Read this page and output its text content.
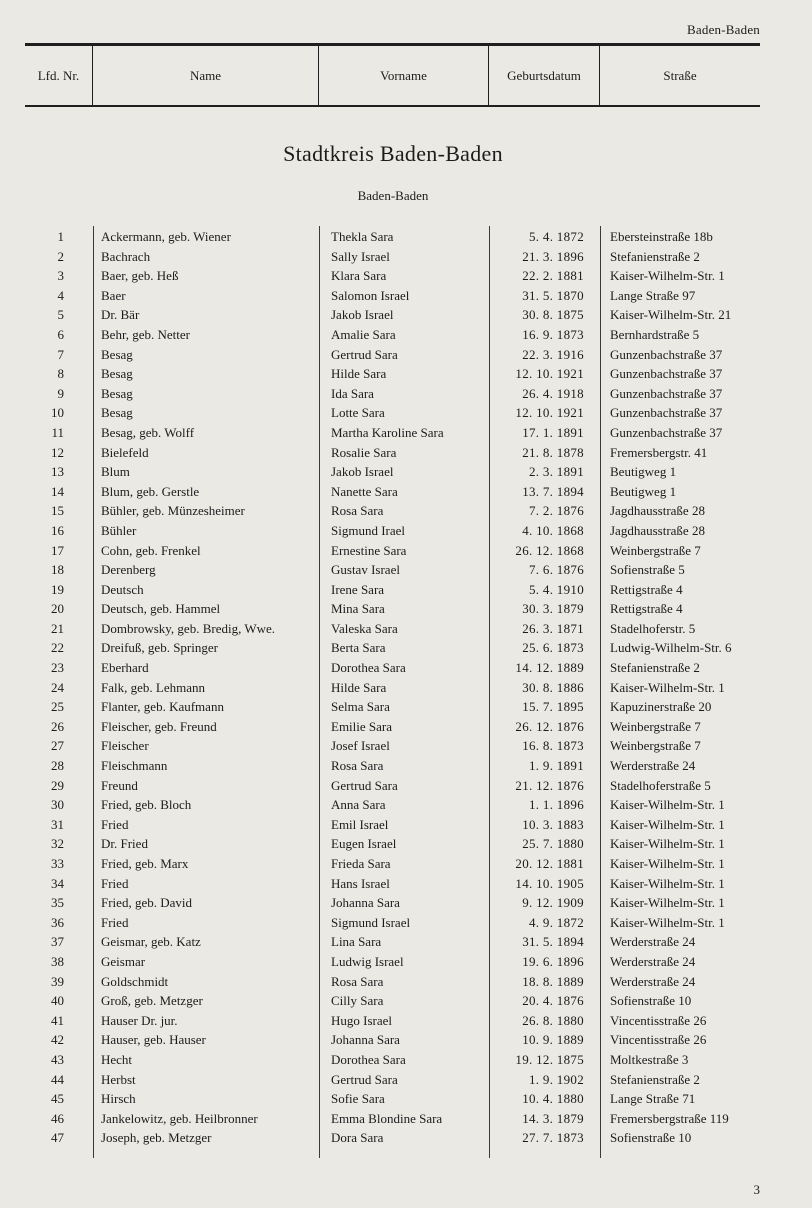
Baden-Baden
Lfd. Nr.	Name	Vorname	Geburtsdatum	Straße
Stadtkreis Baden-Baden
Baden-Baden
1	Ackermann, geb. Wiener	Thekla Sara	5. 4. 1872 Ebersteinstraße 18b
2	Bachrach	Sally Israel	21. 3. 1896 Stefanienstraße 2
3	Baer, geb. Heß	Klara Sara	22. 2. 1881 Kaiser-Wilhelm-Str. 1
4	Baer	Salomon Israel	31. 5. 1870 Lange Straße 97
5	Dr. Bär	Jakob Israel	30. 8. 1875 Kaiser-Wilhelm-Str. 21
6	Behr, geb. Netter	Amalie Sara	16. 9. 1873 Bernhardstraße 5
7	Besag	Gertrud Sara	22. 3. 1916 Gunzenbachstraße 37
8	Besag	Hilde Sara	12. 10. 1921 Gunzenbachstraße 37
9	Besag	Ida Sara	26. 4. 1918 Gunzenbachstraße 37
10	Besag	Lotte Sara	12. 10. 1921 Gunzenbachstraße 37
11	Besag, geb. Wolff	Martha Karoline Sara	17. 1. 1891 Gunzenbachstraße 37
12	Bielefeld	Rosalie Sara	21. 8. 1878 Fremersbergstr. 41
13	Blum	Jakob Israel	2. 3. 1891 Beutigweg 1
14	Blum, geb. Gerstle	Nanette Sara	13. 7. 1894 Beutigweg 1
15	Bühler, geb. Münzesheimer	Rosa Sara	7. 2. 1876 Jagdhausstraße 28
16	Bühler	Sigmund Irael	4. 10. 1868 Jagdhausstraße 28
17	Cohn, geb. Frenkel	Ernestine Sara	26. 12. 1868 Weinbergstraße 7
18	Derenberg	Gustav Israel	7. 6. 1876 Sofienstraße 5
19	Deutsch	Irene Sara	5. 4. 1910 Rettigstraße 4
20	Deutsch, geb. Hammel	Mina Sara	30. 3. 1879 Rettigstraße 4
21	Dombrowsky, geb. Bredig, Wwe.	Valeska Sara	26. 3. 1871 Stadelhoferstr. 5
22	Dreifuß, geb. Springer	Berta Sara	25. 6. 1873 Ludwig-Wilhelm-Str. 6
23	Eberhard	Dorothea Sara	14. 12. 1889 Stefanienstraße 2
24	Falk, geb. Lehmann	Hilde Sara	30. 8. 1886 Kaiser-Wilhelm-Str. 1
25	Flanter, geb. Kaufmann	Selma Sara	15. 7. 1895 Kapuzinerstraße 20
26	Fleischer, geb. Freund	Emilie Sara	26. 12. 1876 Weinbergstraße 7
27	Fleischer	Josef Israel	16. 8. 1873 Weinbergstraße 7
28	Fleischmann	Rosa Sara	1. 9. 1891 Werderstraße 24
29	Freund	Gertrud Sara	21. 12. 1876 Stadelhoferstraße 5
30	Fried, geb. Bloch	Anna Sara	1. 1. 1896 Kaiser-Wilhelm-Str. 1
31	Fried	Emil Israel	10. 3. 1883 Kaiser-Wilhelm-Str. 1
32	Dr. Fried	Eugen Israel	25. 7. 1880 Kaiser-Wilhelm-Str. 1
33	Fried, geb. Marx	Frieda Sara	20. 12. 1881 Kaiser-Wilhelm-Str. 1
34	Fried	Hans Israel	14. 10. 1905 Kaiser-Wilhelm-Str. 1
35	Fried, geb. David	Johanna Sara	9. 12. 1909 Kaiser-Wilhelm-Str. 1
36	Fried	Sigmund Israel	4. 9. 1872 Kaiser-Wilhelm-Str. 1
37	Geismar, geb. Katz	Lina Sara	31. 5. 1894 Werderstraße 24
38	Geismar	Ludwig Israel	19. 6. 1896 Werderstraße 24
39	Goldschmidt	Rosa Sara	18. 8. 1889 Werderstraße 24
40	Groß, geb. Metzger	Cilly Sara	20. 4. 1876 Sofienstraße 10
41	Hauser Dr. jur.	Hugo Israel	26. 8. 1880 Vincentisstraße 26
42	Hauser, geb. Hauser	Johanna Sara	10. 9. 1889 Vincentisstraße 26
43	Hecht	Dorothea Sara	19. 12. 1875 Moltkestraße 3
44	Herbst	Gertrud Sara	1. 9. 1902 Stefanienstraße 2
45	Hirsch	Sofie Sara	10. 4. 1880 Lange Straße 71
46	Jankelowitz, geb. Heilbronner	Emma Blondine Sara	14. 3. 1879 Fremersbergstraße 119
47	Joseph, geb. Metzger	Dora Sara	27. 7. 1873 Sofienstraße 10
3
